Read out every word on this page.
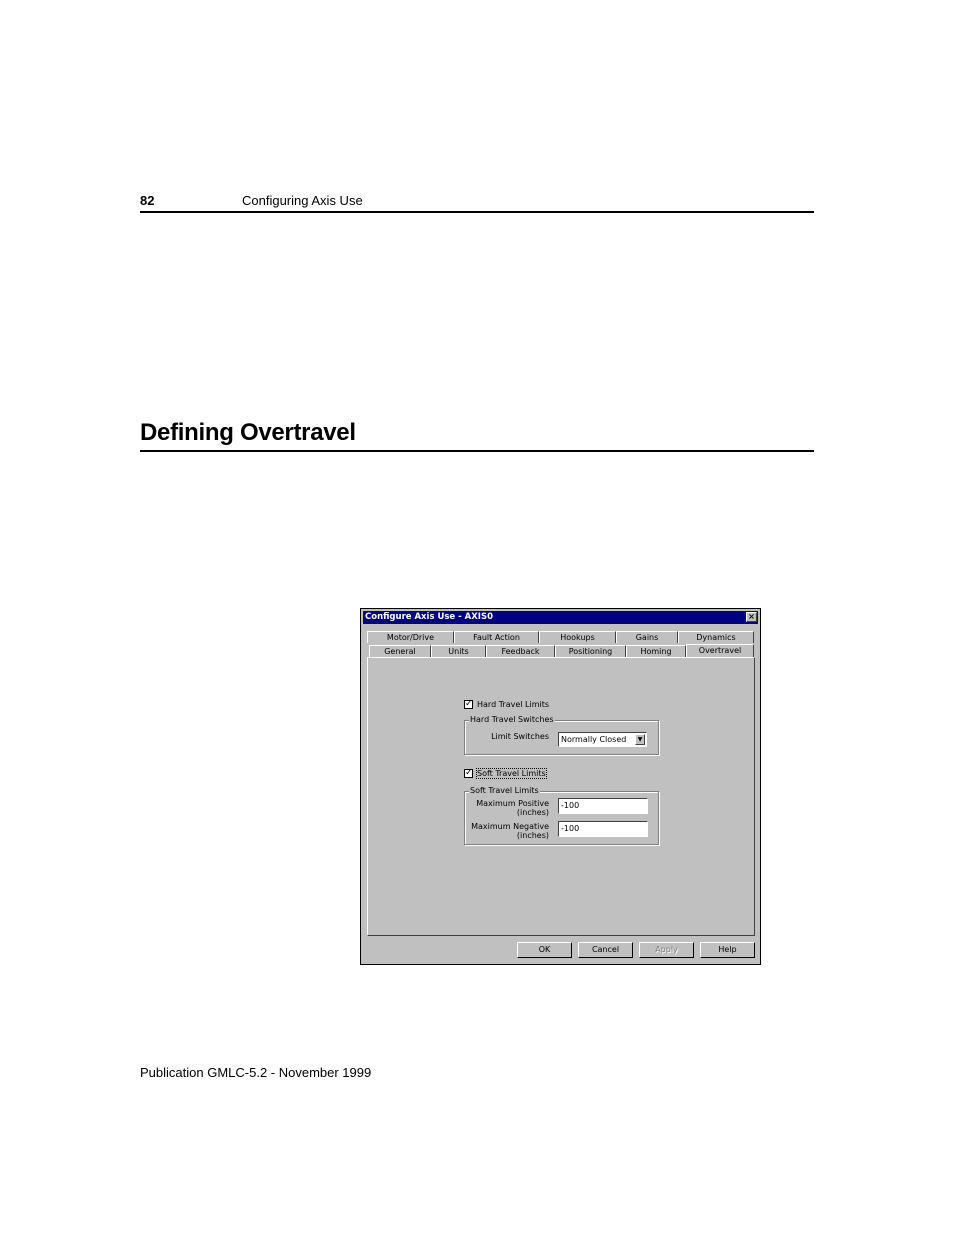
82	Configuring Axis Use
Defining Overtravel
Configure Axis Use - AXIS0	×
Motor/Drive	Fault Action	Hookups	Gains	Dynamics
General	Units	Feedback	Positioning	Homing	Overtravel
✓ Hard Travel Limits
Hard Travel Switches
Limit Switches	Normally Closed	▼
✓ Soft Travel Limits
Soft Travel Limits
Maximum Positive
(inches)
-100
Maximum Negative
(inches)
-100
OK	Cancel	Apply	Help
Publication GMLC-5.2 - November 1999
